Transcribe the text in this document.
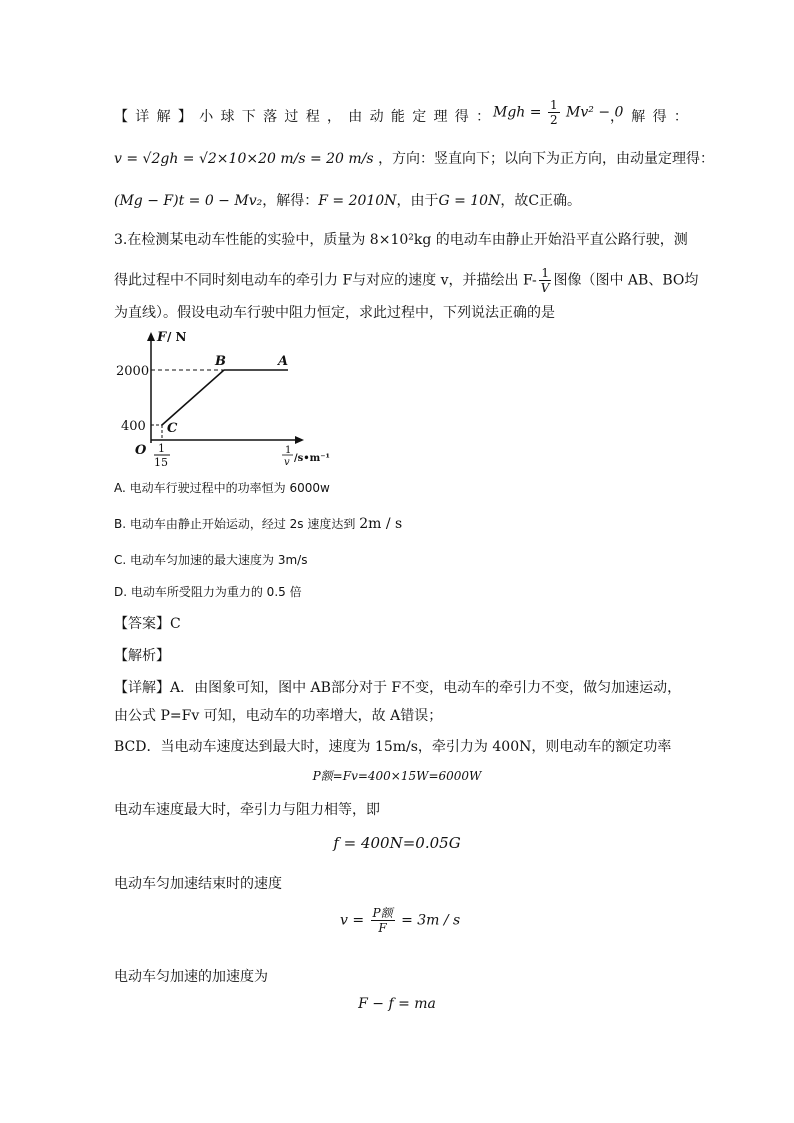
【详解】小球下落过程，由动能定理得：
Mgh = $\frac{1}{2} Mv^2 - 0$
，解得：
v = √2gh = √2×10×20 m/s = 20 m/s ，方向：竖直向下；以向下为正方向，由动量定理得：
(Mg − F)t = 0 − Mv₂，解得：F = 2010N，由于G = 10N，故C正确。
3.在检测某电动车性能的实验中，质量为 8×10²kg 的电动车由静止开始沿平直公路行驶，测
得此过程中不同时刻电动车的牵引力 F与对应的速度 v，并描绘出 $F- \frac{1}{V}$ 图像（图中 AB、BO均
为直线）。假设电动车行驶中阻力恒定，求此过程中，下列说法正确的是
2000
400
O 1
15
B	A
C
F / N
1
v /s•m⁻¹
A. 电动车行驶过程中的功率恒为 6000w
B. 电动车由静止开始运动，经过 2s 速度达到 2m / s
C. 电动车匀加速的最大速度为 3m/s
D. 电动车所受阻力为重力的 0.5 倍
【答案】C
【解析】
【详解】A．由图象可知，图中 AB部分对于 F不变，电动车的牵引力不变，做匀加速运动，
由公式 P=Fv 可知，电动车的功率增大，故 A错误；
BCD．当电动车速度达到最大时，速度为 15m/s，牵引力为 400N，则电动车的额定功率
P额=Fv=400×15W=6000W
电动车速度最大时，牵引力与阻力相等，即
f = 400N=0.05G
电动车匀加速结束时的速度
$v = \frac{\text{P额}}{F} = 3m / s$
电动车匀加速的加速度为
F − f = ma
